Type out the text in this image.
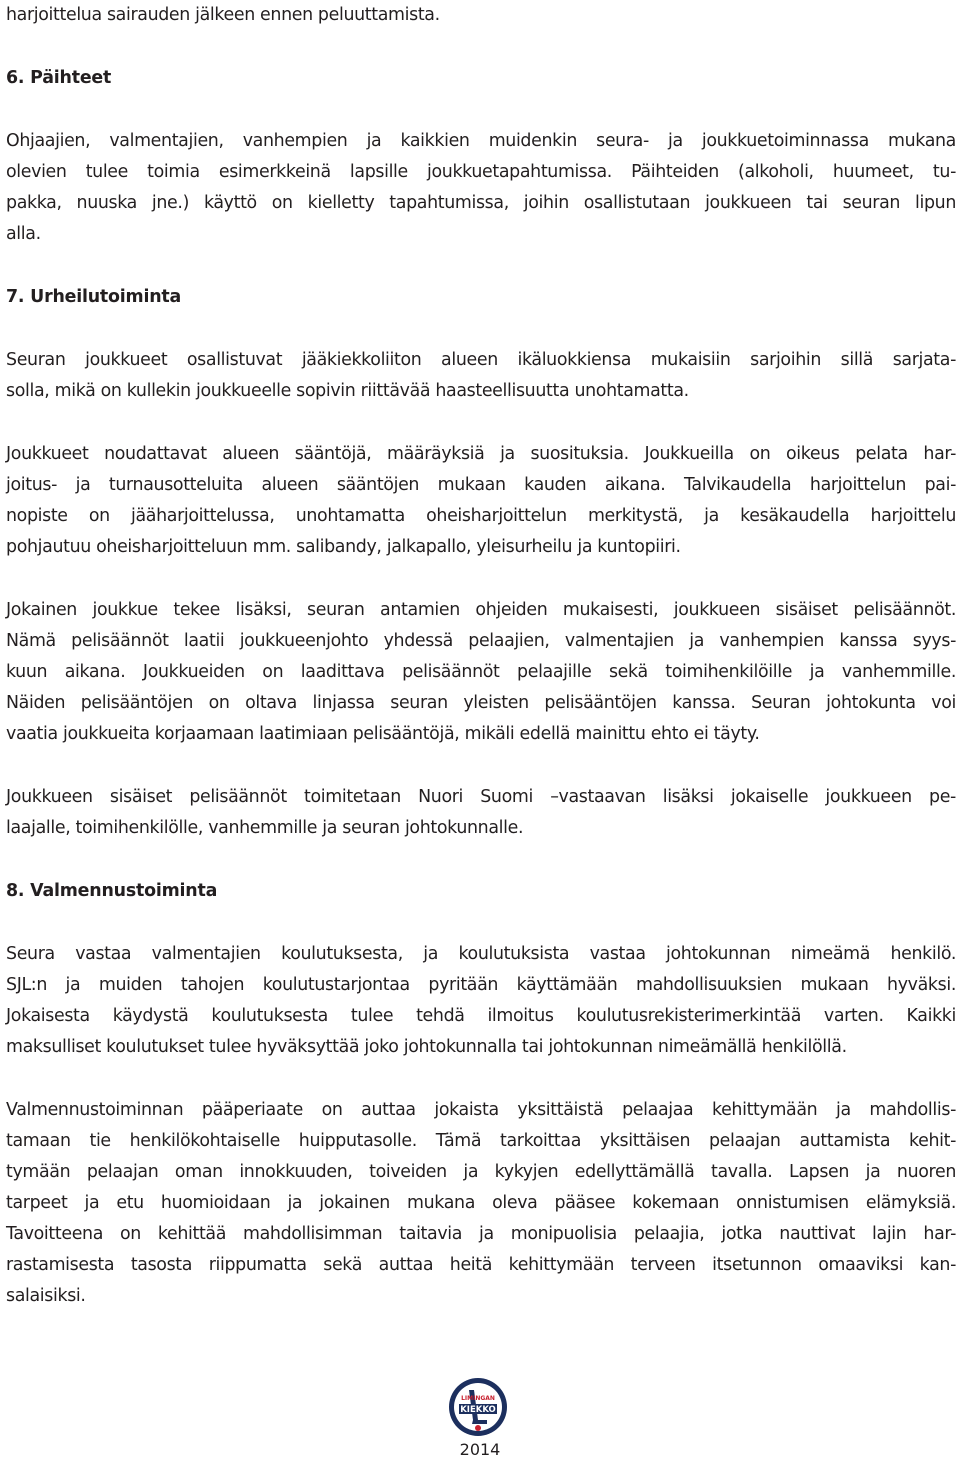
harjoittelua sairauden jälkeen ennen peluuttamista.
6. Päihteet
Ohjaajien, valmentajien, vanhempien ja kaikkien muidenkin seura- ja joukkuetoiminnassa mukana
olevien tulee toimia esimerkkeinä lapsille joukkuetapahtumissa. Päihteiden (alkoholi, huumeet, tu-
pakka, nuuska jne.) käyttö on kielletty tapahtumissa, joihin osallistutaan joukkueen tai seuran lipun
alla.
7. Urheilutoiminta
Seuran joukkueet osallistuvat jääkiekkoliiton alueen ikäluokkiensa mukaisiin sarjoihin sillä sarjata-
solla, mikä on kullekin joukkueelle sopivin riittävää haasteellisuutta unohtamatta.
Joukkueet noudattavat alueen sääntöjä, määräyksiä ja suosituksia. Joukkueilla on oikeus pelata har-
joitus- ja turnausotteluita alueen sääntöjen mukaan kauden aikana. Talvikaudella harjoittelun pai-
nopiste on jääharjoittelussa, unohtamatta oheisharjoittelun merkitystä, ja kesäkaudella harjoittelu
pohjautuu oheisharjoitteluun mm. salibandy, jalkapallo, yleisurheilu ja kuntopiiri.
Jokainen joukkue tekee lisäksi, seuran antamien ohjeiden mukaisesti, joukkueen sisäiset pelisäännöt.
Nämä pelisäännöt laatii joukkueenjohto yhdessä pelaajien, valmentajien ja vanhempien kanssa syys-
kuun aikana. Joukkueiden on laadittava pelisäännöt pelaajille sekä toimihenkilöille ja vanhemmille.
Näiden pelisääntöjen on oltava linjassa seuran yleisten pelisääntöjen kanssa. Seuran johtokunta voi
vaatia joukkueita korjaamaan laatimiaan pelisääntöjä, mikäli edellä mainittu ehto ei täyty.
Joukkueen sisäiset pelisäännöt toimitetaan Nuori Suomi –vastaavan lisäksi jokaiselle joukkueen pe-
laajalle, toimihenkilölle, vanhemmille ja seuran johtokunnalle.
8. Valmennustoiminta
Seura vastaa valmentajien koulutuksesta, ja koulutuksista vastaa johtokunnan nimeämä henkilö.
SJL:n ja muiden tahojen koulutustarjontaa pyritään käyttämään mahdollisuuksien mukaan hyväksi.
Jokaisesta käydystä koulutuksesta tulee tehdä ilmoitus koulutusrekisterimerkintää varten. Kaikki
maksulliset koulutukset tulee hyväksyttää joko johtokunnalla tai johtokunnan nimeämällä henkilöllä.
Valmennustoiminnan pääperiaate on auttaa jokaista yksittäistä pelaajaa kehittymään ja mahdollis-
tamaan tie henkilökohtaiselle huipputasolle. Tämä tarkoittaa yksittäisen pelaajan auttamista kehit-
tymään pelaajan oman innokkuuden, toiveiden ja kykyjen edellyttämällä tavalla. Lapsen ja nuoren
tarpeet ja etu huomioidaan ja jokainen mukana oleva pääsee kokemaan onnistumisen elämyksiä.
Tavoitteena on kehittää mahdollisimman taitavia ja monipuolisia pelaajia, jotka nauttivat lajin har-
rastamisesta tasosta riippumatta sekä auttaa heitä kehittymään terveen itsetunnon omaaviksi kan-
salaisiksi.
LIMINGAN
KIEKKO
2014
